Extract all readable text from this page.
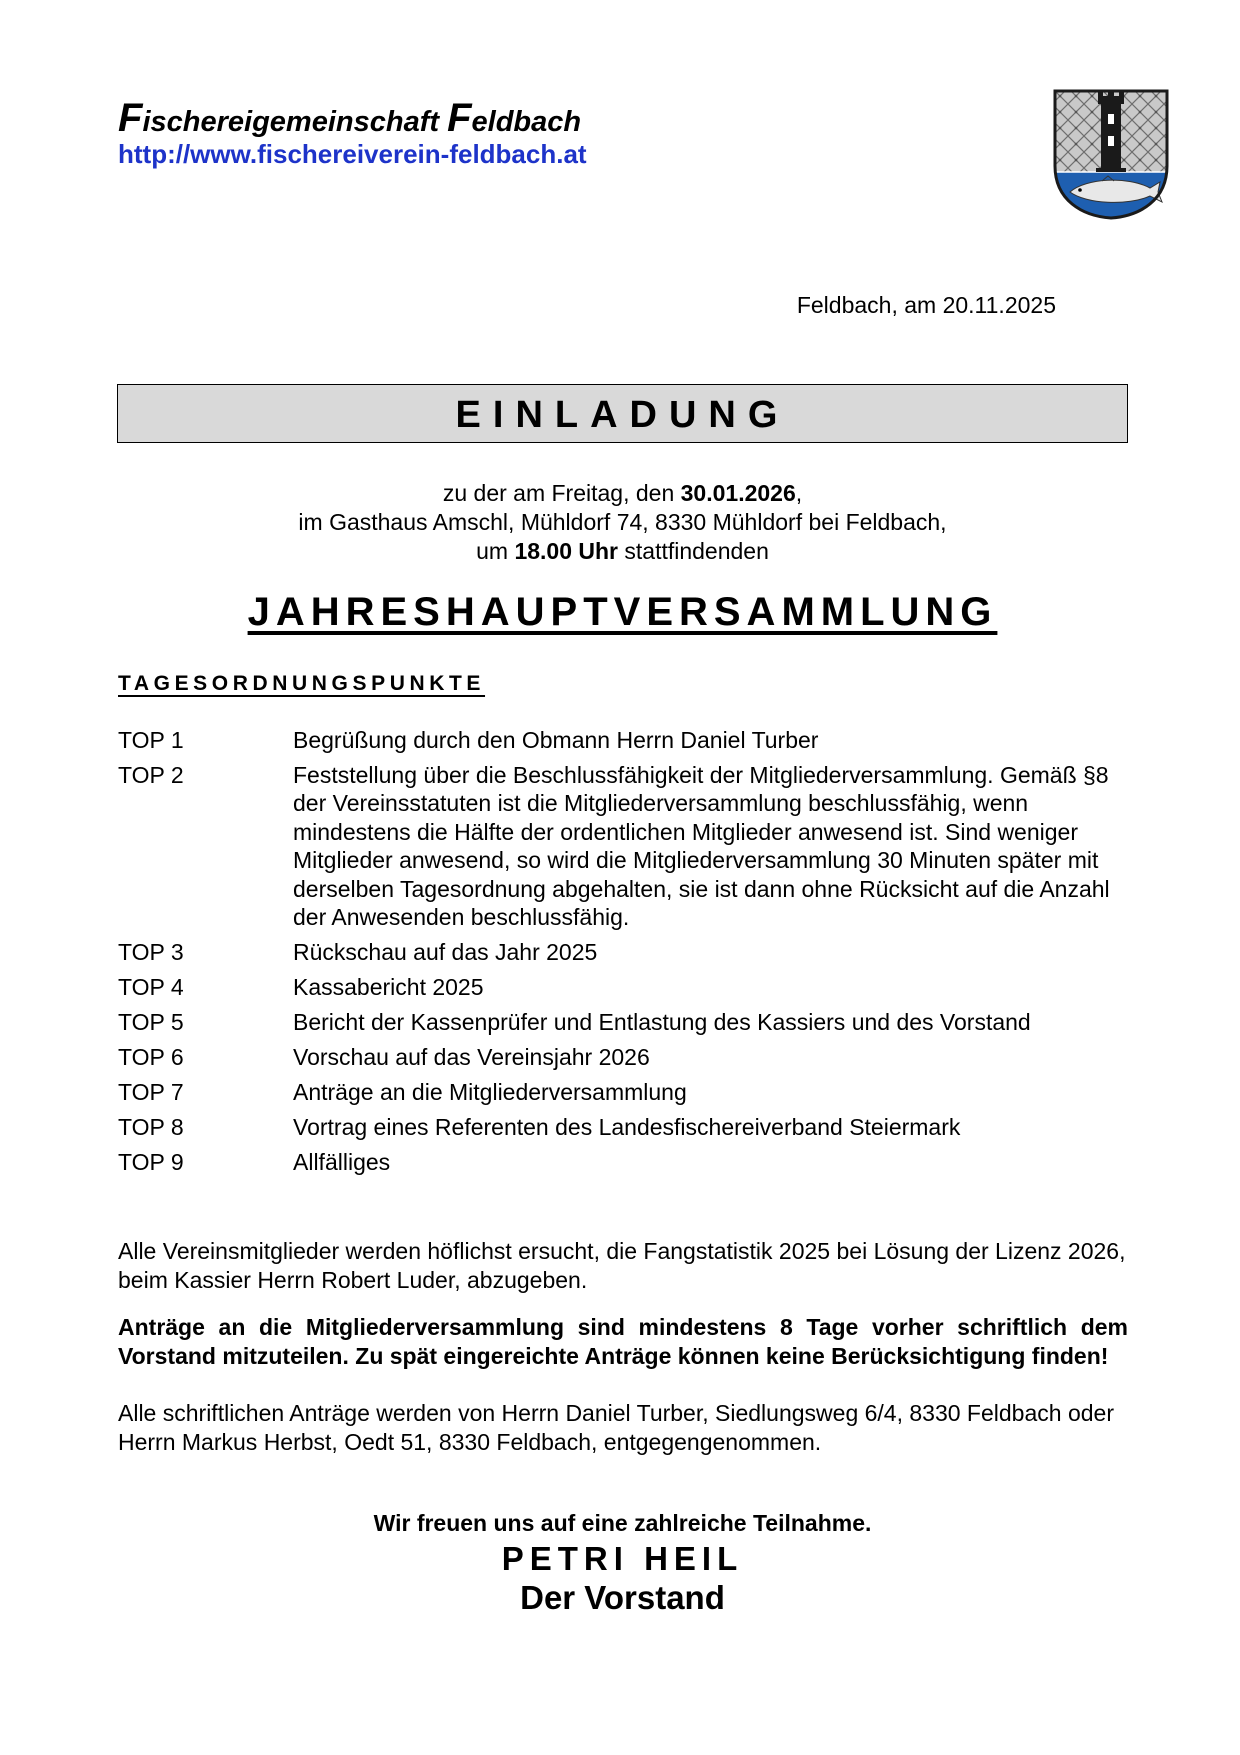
Fischereigemeinschaft Feldbach
http://www.fischereiverein-feldbach.at
Feldbach, am 20.11.2025
EINLADUNG
zu der am Freitag, den 30.01.2026,
im Gasthaus Amschl, Mühldorf 74, 8330 Mühldorf bei Feldbach,
um 18.00 Uhr stattfindenden
JAHRESHAUPTVERSAMMLUNG
TAGESORDNUNGSPUNKTE
TOP 1	Begrüßung durch den Obmann Herrn Daniel Turber
TOP 2	Feststellung über die Beschlussfähigkeit der Mitgliederversammlung. Gemäß §8 der Vereinsstatuten ist die Mitgliederversammlung beschlussfähig, wenn mindestens die Hälfte der ordentlichen Mitglieder anwesend ist. Sind weniger Mitglieder anwesend, so wird die Mitgliederversammlung 30 Minuten später mit derselben Tagesordnung abgehalten, sie ist dann ohne Rücksicht auf die Anzahl der Anwesenden beschlussfähig.
TOP 3	Rückschau auf das Jahr 2025
TOP 4	Kassabericht 2025
TOP 5	Bericht der Kassenprüfer und Entlastung des Kassiers und des Vorstand
TOP 6	Vorschau auf das Vereinsjahr 2026
TOP 7	Anträge an die Mitgliederversammlung
TOP 8	Vortrag eines Referenten des Landesfischereiverband Steiermark
TOP 9	Allfälliges
Alle Vereinsmitglieder werden höflichst ersucht, die Fangstatistik 2025 bei Lösung der Lizenz 2026, beim Kassier Herrn Robert Luder, abzugeben.
Anträge an die Mitgliederversammlung sind mindestens 8 Tage vorher schriftlich dem Vorstand mitzuteilen. Zu spät eingereichte Anträge können keine Berücksichtigung finden!
Alle schriftlichen Anträge werden von Herrn Daniel Turber, Siedlungsweg 6/4, 8330 Feldbach oder Herrn Markus Herbst, Oedt 51, 8330 Feldbach, entgegengenommen.
Wir freuen uns auf eine zahlreiche Teilnahme.
PETRI HEIL
Der Vorstand
